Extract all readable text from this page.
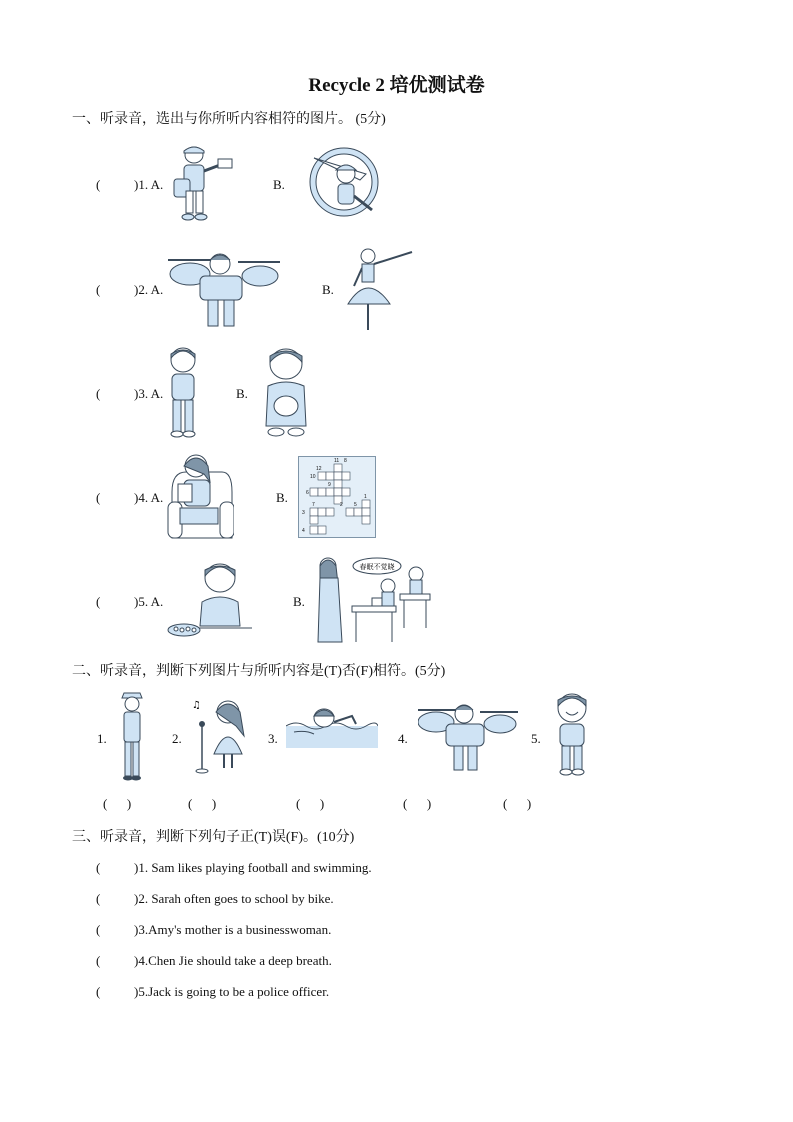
Recycle 2 培优测试卷
一、听录音，选出与你所听内容相符的图片。 (5分)
(	)1. A.	B.
(	)2. A.	B.
(	)3. A.	B.
(	)4. A.	B.
11
12
8
10
6
9
1
3
7	2 5
4
(	)5. A.	B.
春眠不觉晓
二、听录音，判断下列图片与所听内容是(T)否(F)相符。(5分)
1.	2.
♫
3.	4.	5.
(      )	(      )	(      )	(      )	(      )
三、听录音，判断下列句子正(T)误(F)。(10分)
(	)1. Sam likes playing football and swimming.
(	)2. Sarah often goes to school by bike.
(	)3.Amy's mother is a businesswoman.
(	)4.Chen Jie should take a deep breath.
(	)5.Jack is going to be a police officer.
